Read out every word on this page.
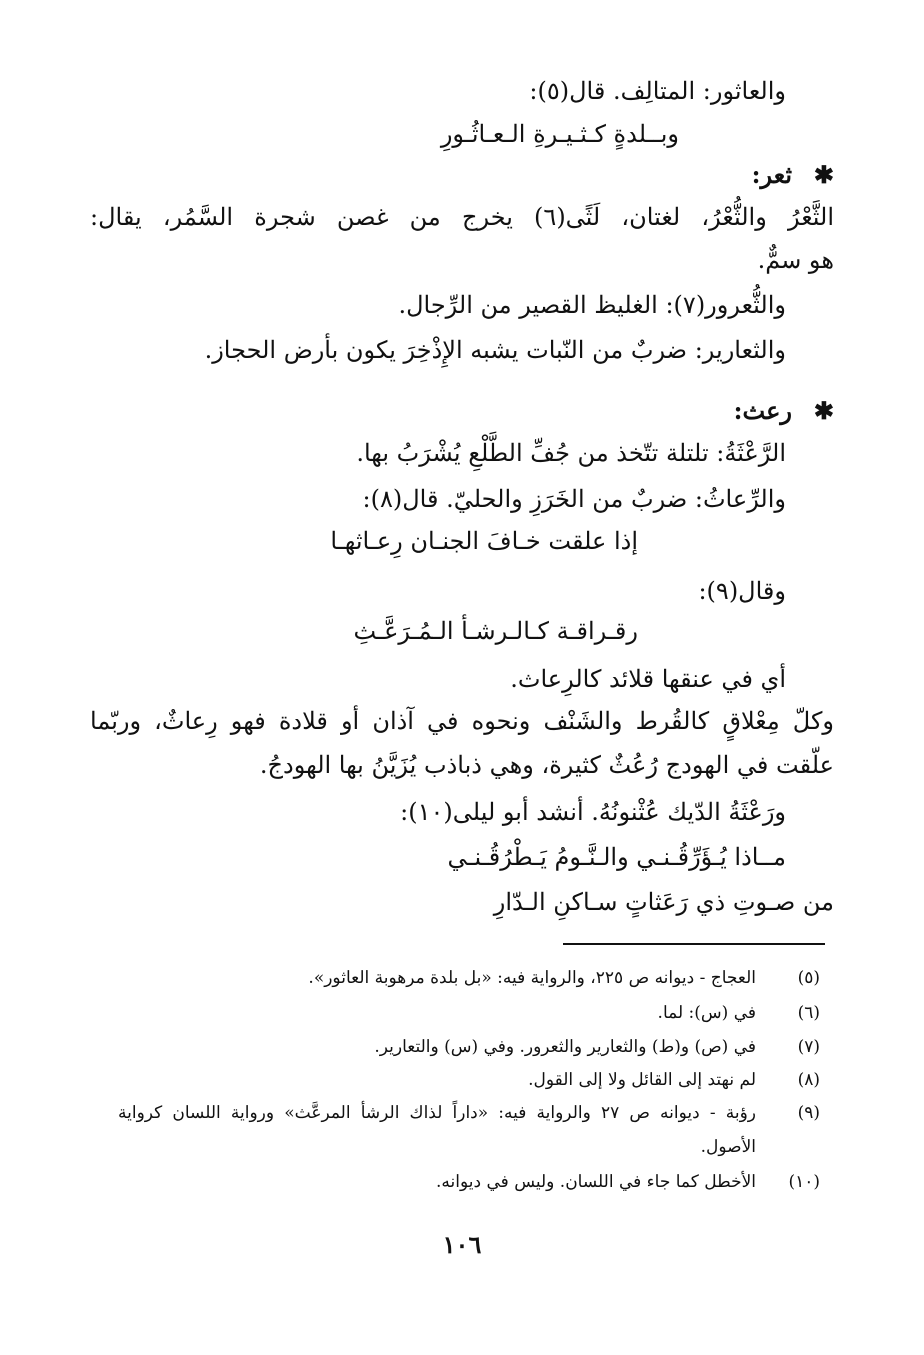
والعاثور: المتالِف. قال(٥):

وبــلدةٍ كـثـيـرةِ الـعـاثُـورِ

✱
ثعر:

الثَّعْرُ والثُّعْرُ، لغتان، لَثًى(٦) يخرج من غصن شجرة السَّمُر، يقال:

هو سمٌّ.

والثُّعرور(٧): الغليظ القصير من الرِّجال.

والثعارير: ضربٌ من النّبات يشبه الإِذْخِرَ يكون بأرض الحجاز.

✱
رعث:

الرَّعْثَةُ: تلتلة تتّخذ من جُفِّ الطَّلْعِ يُشْرَبُ بها.

والرِّعاثُ: ضربٌ من الخَرَزِ والحليّ. قال(٨):

إذا علقت خـافَ الجنـان رِعـاثهـا

وقال(٩):

رقـراقـة كـالـرشـأ الـمُـرَعَّـثِ

أي في عنقها قلائد كالرِعاث.

وكلّ مِعْلاقٍ كالقُرط والشَنْف ونحوه في آذان أو قلادة فهو رِعاثٌ، وربّما

علّقت في الهودج رُعُثٌ كثيرة، وهي ذباذب يُزَيَّنُ بها الهودجُ.

ورَعْثَةُ الدّيك عُثْنونُهُ. أنشد أبو ليلى(١٠):

مــاذا يُـؤَرِّقُـنـي والـنَّـومُ يَـطْرُقُـنـي

من صـوتِ ذي رَعَثاتٍ سـاكنِ الـدّارِ

(٥)
العجاج - ديوانه ص ٢٢٥، والرواية فيه: «بل بلدة مرهوبة العاثور».
(٦)
في (س): لما.
(٧)
في (ص) و(ط) والثعارير والثعرور. وفي (س) والتعارير.
(٨)
لم نهتد إلى القائل ولا إلى القول.
(٩)
رؤبة - ديوانه ص ٢٧ والرواية فيه: «داراً لذاك الرشأ المرعَّث» ورواية اللسان كرواية
الأصول.
(١٠)
الأخطل كما جاء في اللسان. وليس في ديوانه.
١٠٦
